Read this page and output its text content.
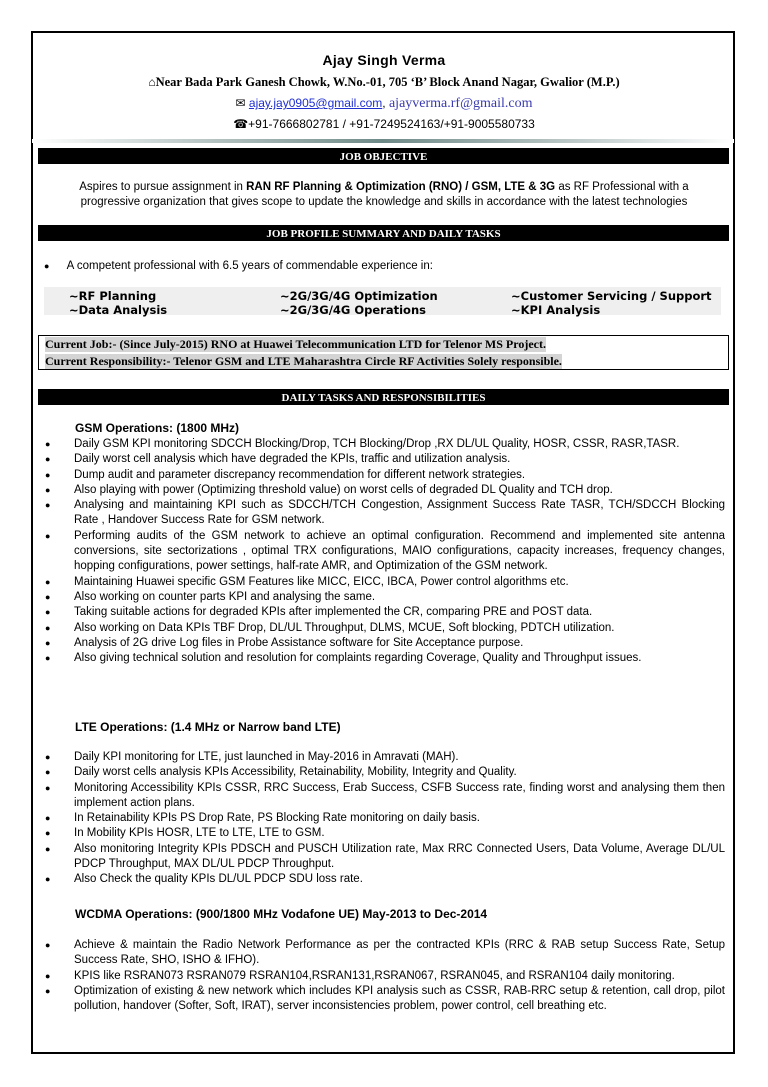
Ajay Singh Verma
⌂Near Bada Park Ganesh Chowk, W.No.-01, 705 ‘B’ Block Anand Nagar, Gwalior (M.P.)
✉ ajay.jay0905@gmail.com, ajayverma.rf@gmail.com
☎+91-7666802781 / +91-7249524163/+91-9005580733
JOB OBJECTIVE
Aspires to pursue assignment in RAN RF Planning & Optimization (RNO) / GSM, LTE & 3G as RF Professional with a progressive organization that gives scope to update the knowledge and skills in accordance with the latest technologies
JOB PROFILE SUMMARY AND DAILY TASKS
● A competent professional with 6.5 years of commendable experience in:
~RF Planning	~2G/3G/4G Optimization	~Customer Servicing / Support
~Data Analysis	~2G/3G/4G Operations	~KPI Analysis
Current Job:- (Since July-2015) RNO at Huawei Telecommunication LTD for Telenor MS Project.
Current Responsibility:- Telenor GSM and LTE Maharashtra Circle RF Activities Solely responsible.
DAILY TASKS AND RESPONSIBILITIES
GSM Operations: (1800 MHz)
● Daily GSM KPI monitoring SDCCH Blocking/Drop, TCH Blocking/Drop ,RX DL/UL Quality, HOSR, CSSR, RASR,TASR.
● Daily worst cell analysis which have degraded the KPIs, traffic and utilization analysis.
● Dump audit and parameter discrepancy recommendation for different network strategies.
● Also playing with power (Optimizing threshold value) on worst cells of degraded DL Quality and TCH drop.
● Analysing and maintaining KPI such as SDCCH/TCH Congestion, Assignment Success Rate TASR, TCH/SDCCH Blocking Rate , Handover Success Rate for GSM network.
● Performing audits of the GSM network to achieve an optimal configuration. Recommend and implemented site antenna conversions, site sectorizations , optimal TRX configurations, MAIO configurations, capacity increases, frequency changes, hopping configurations, power settings, half-rate AMR, and Optimization of the GSM network.
● Maintaining Huawei specific GSM Features like MICC, EICC, IBCA, Power control algorithms etc.
● Also working on counter parts KPI and analysing the same.
● Taking suitable actions for degraded KPIs after implemented the CR, comparing PRE and POST data.
● Also working on Data KPIs TBF Drop, DL/UL Throughput, DLMS, MCUE, Soft blocking, PDTCH utilization.
● Analysis of 2G drive Log files in Probe Assistance software for Site Acceptance purpose.
● Also giving technical solution and resolution for complaints regarding Coverage, Quality and Throughput issues.
LTE Operations: (1.4 MHz or Narrow band LTE)
● Daily KPI monitoring for LTE, just launched in May-2016 in Amravati (MAH).
● Daily worst cells analysis KPIs Accessibility, Retainability, Mobility, Integrity and Quality.
● Monitoring Accessibility KPIs CSSR, RRC Success, Erab Success, CSFB Success rate, finding worst and analysing them then implement action plans.
● In Retainability KPIs PS Drop Rate, PS Blocking Rate monitoring on daily basis.
● In Mobility KPIs HOSR, LTE to LTE, LTE to GSM.
● Also monitoring Integrity KPIs PDSCH and PUSCH Utilization rate, Max RRC Connected Users, Data Volume, Average DL/UL PDCP Throughput, MAX DL/UL PDCP Throughput.
● Also Check the quality KPIs DL/UL PDCP SDU loss rate.
WCDMA Operations: (900/1800 MHz Vodafone UE) May-2013 to Dec-2014
● Achieve & maintain the Radio Network Performance as per the contracted KPIs (RRC & RAB setup Success Rate, Setup Success Rate, SHO, ISHO & IFHO).
● KPIS like RSRAN073 RSRAN079 RSRAN104,RSRAN131,RSRAN067, RSRAN045, and RSRAN104 daily monitoring.
● Optimization of existing & new network which includes KPI analysis such as CSSR, RAB-RRC setup & retention, call drop, pilot pollution, handover (Softer, Soft, IRAT), server inconsistencies problem, power control, cell breathing etc.
